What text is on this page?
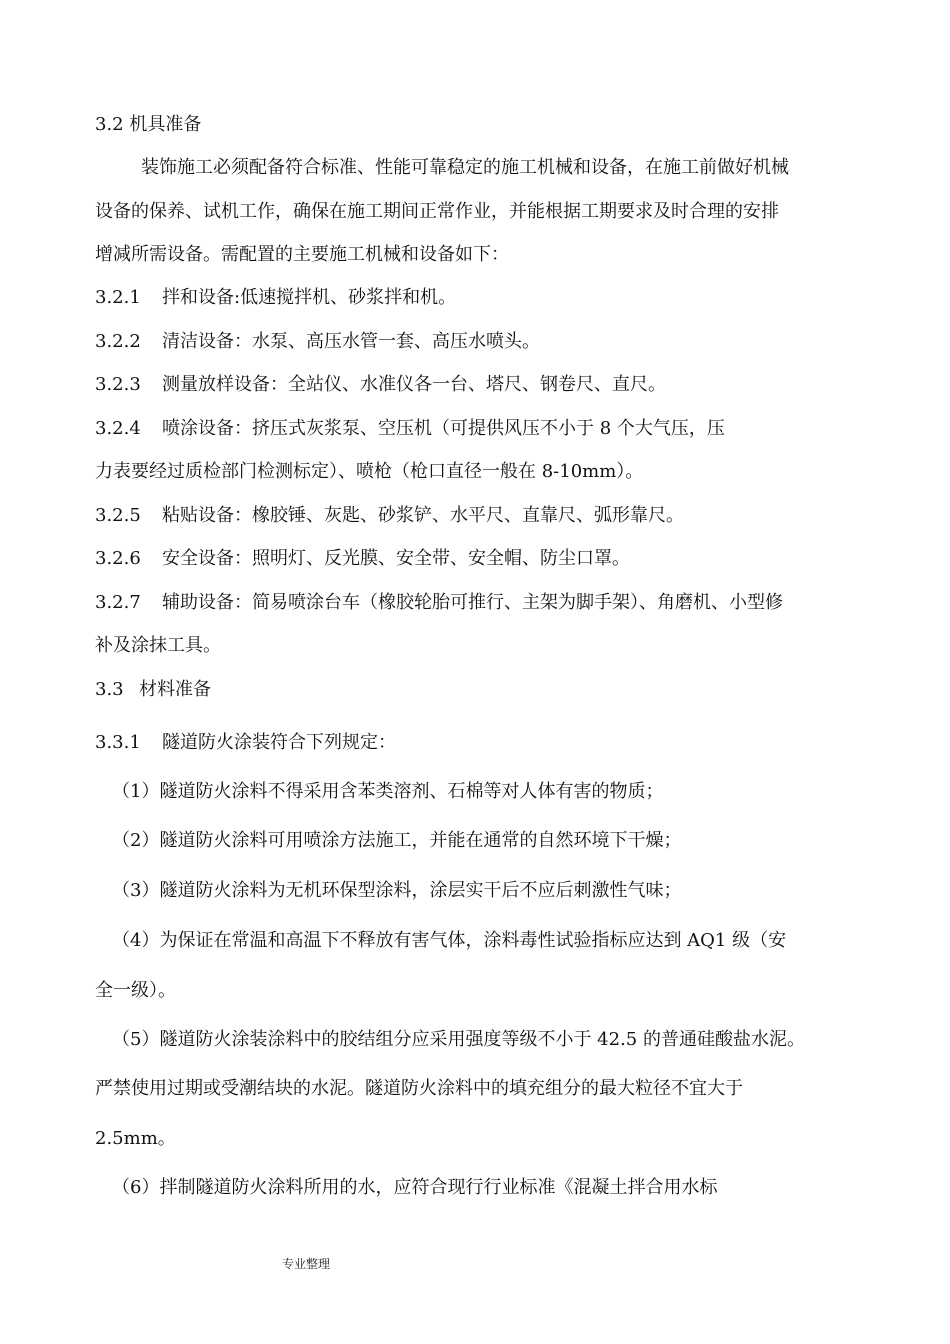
3.2 机具准备
装饰施工必须配备符合标准、性能可靠稳定的施工机械和设备，在施工前做好机械
设备的保养、试机工作，确保在施工期间正常作业，并能根据工期要求及时合理的安排
增减所需设备。需配置的主要施工机械和设备如下：
3.2.1 拌和设备:低速搅拌机、砂浆拌和机。
3.2.2 清洁设备：水泵、高压水管一套、高压水喷头。
3.2.3 测量放样设备：全站仪、水准仪各一台、塔尺、钢卷尺、直尺。
3.2.4 喷涂设备：挤压式灰浆泵、空压机（可提供风压不小于 8 个大气压，压
力表要经过质检部门检测标定）、喷枪（枪口直径一般在 8-10mm）。
3.2.5 粘贴设备：橡胶锤、灰匙、砂浆铲、水平尺、直靠尺、弧形靠尺。
3.2.6 安全设备：照明灯、反光膜、安全带、安全帽、防尘口罩。
3.2.7 辅助设备：简易喷涂台车（橡胶轮胎可推行、主架为脚手架）、角磨机、小型修
补及涂抹工具。
3.3 材料准备
3.3.1 隧道防火涂装符合下列规定：
（1）隧道防火涂料不得采用含苯类溶剂、石棉等对人体有害的物质；
（2）隧道防火涂料可用喷涂方法施工，并能在通常的自然环境下干燥；
（3）隧道防火涂料为无机环保型涂料，涂层实干后不应后刺激性气味；
（4）为保证在常温和高温下不释放有害气体，涂料毒性试验指标应达到 AQ1 级（安
全一级）。
（5）隧道防火涂装涂料中的胶结组分应采用强度等级不小于 42.5 的普通硅酸盐水泥。
严禁使用过期或受潮结块的水泥。隧道防火涂料中的填充组分的最大粒径不宜大于
2.5mm。
（6）拌制隧道防火涂料所用的水，应符合现行行业标准《混凝土拌合用水标
专业整理
